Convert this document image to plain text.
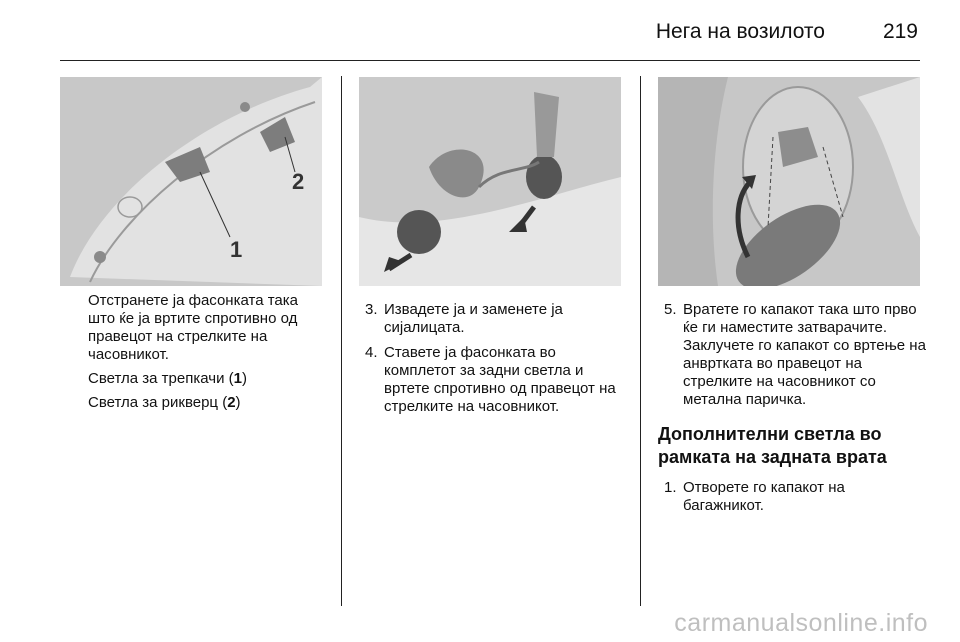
Нега на возилото	219
1
2

Отстранете ја фасонката така што ќе ја вртите спротивно од правецот на стрелките на часовникот.

Светла за трепкачи (1)

Светла за рикверц (2)

3. Извадете ја и заменете ја сијалицата.
4. Ставете ја фасонката во комплетот за задни светла и вртете спротивно од правецот на стрелките на часовникот.
5. Вратете го капакот така што прво ќе ги наместите затварачите. Заклучете го капакот со вртење на анвртката во правецот на стрелките на часовникот со метална паричка.
Дополнителни светла во рамката на задната врата
1. Отворете го капакот на багажникот.
carmanualsonline.info
